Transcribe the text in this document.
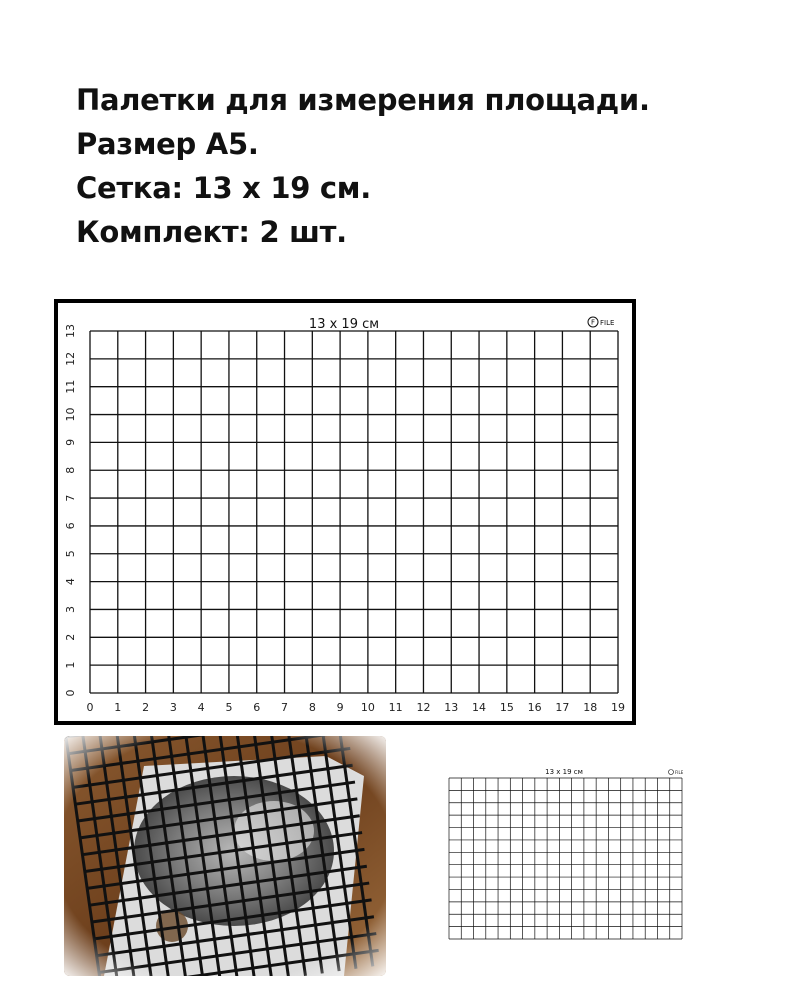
Палетки для измерения площади.
Размер А5.
Сетка: 13 х 19 см.
Комплект: 2 шт.
13 x 19 см	F FILE
0 1 2 3 4 5 6 7 8 9 10 11 12 13 14 15 16 17 18 19
0
1
2
3
4
5
6
7
8
9
10
11
12
13
13 x 19 см	FILE
